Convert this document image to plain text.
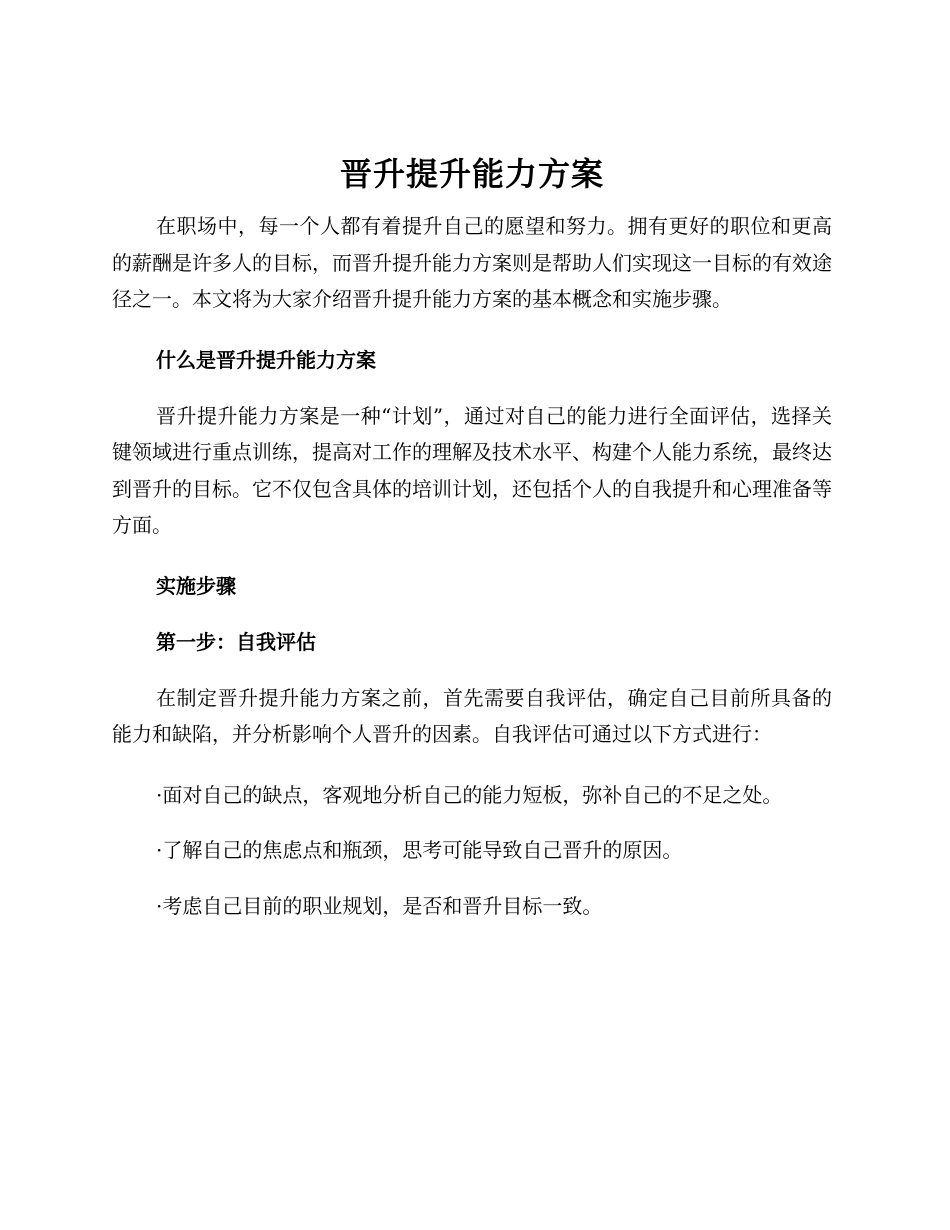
晋升提升能力方案

在职场中，每一个人都有着提升自己的愿望和努力。拥有更好的职位和更高的薪酬是许多人的目标，而晋升提升能力方案则是帮助人们实现这一目标的有效途径之一。本文将为大家介绍晋升提升能力方案的基本概念和实施步骤。

什么是晋升提升能力方案

晋升提升能力方案是一种“计划”，通过对自己的能力进行全面评估，选择关键领域进行重点训练，提高对工作的理解及技术水平、构建个人能力系统，最终达到晋升的目标。它不仅包含具体的培训计划，还包括个人的自我提升和心理准备等方面。

实施步骤
第一步：自我评估

在制定晋升提升能力方案之前，首先需要自我评估，确定自己目前所具备的能力和缺陷，并分析影响个人晋升的因素。自我评估可通过以下方式进行：

·面对自己的缺点，客观地分析自己的能力短板，弥补自己的不足之处。

·了解自己的焦虑点和瓶颈，思考可能导致自己晋升的原因。

·考虑自己目前的职业规划，是否和晋升目标一致。
